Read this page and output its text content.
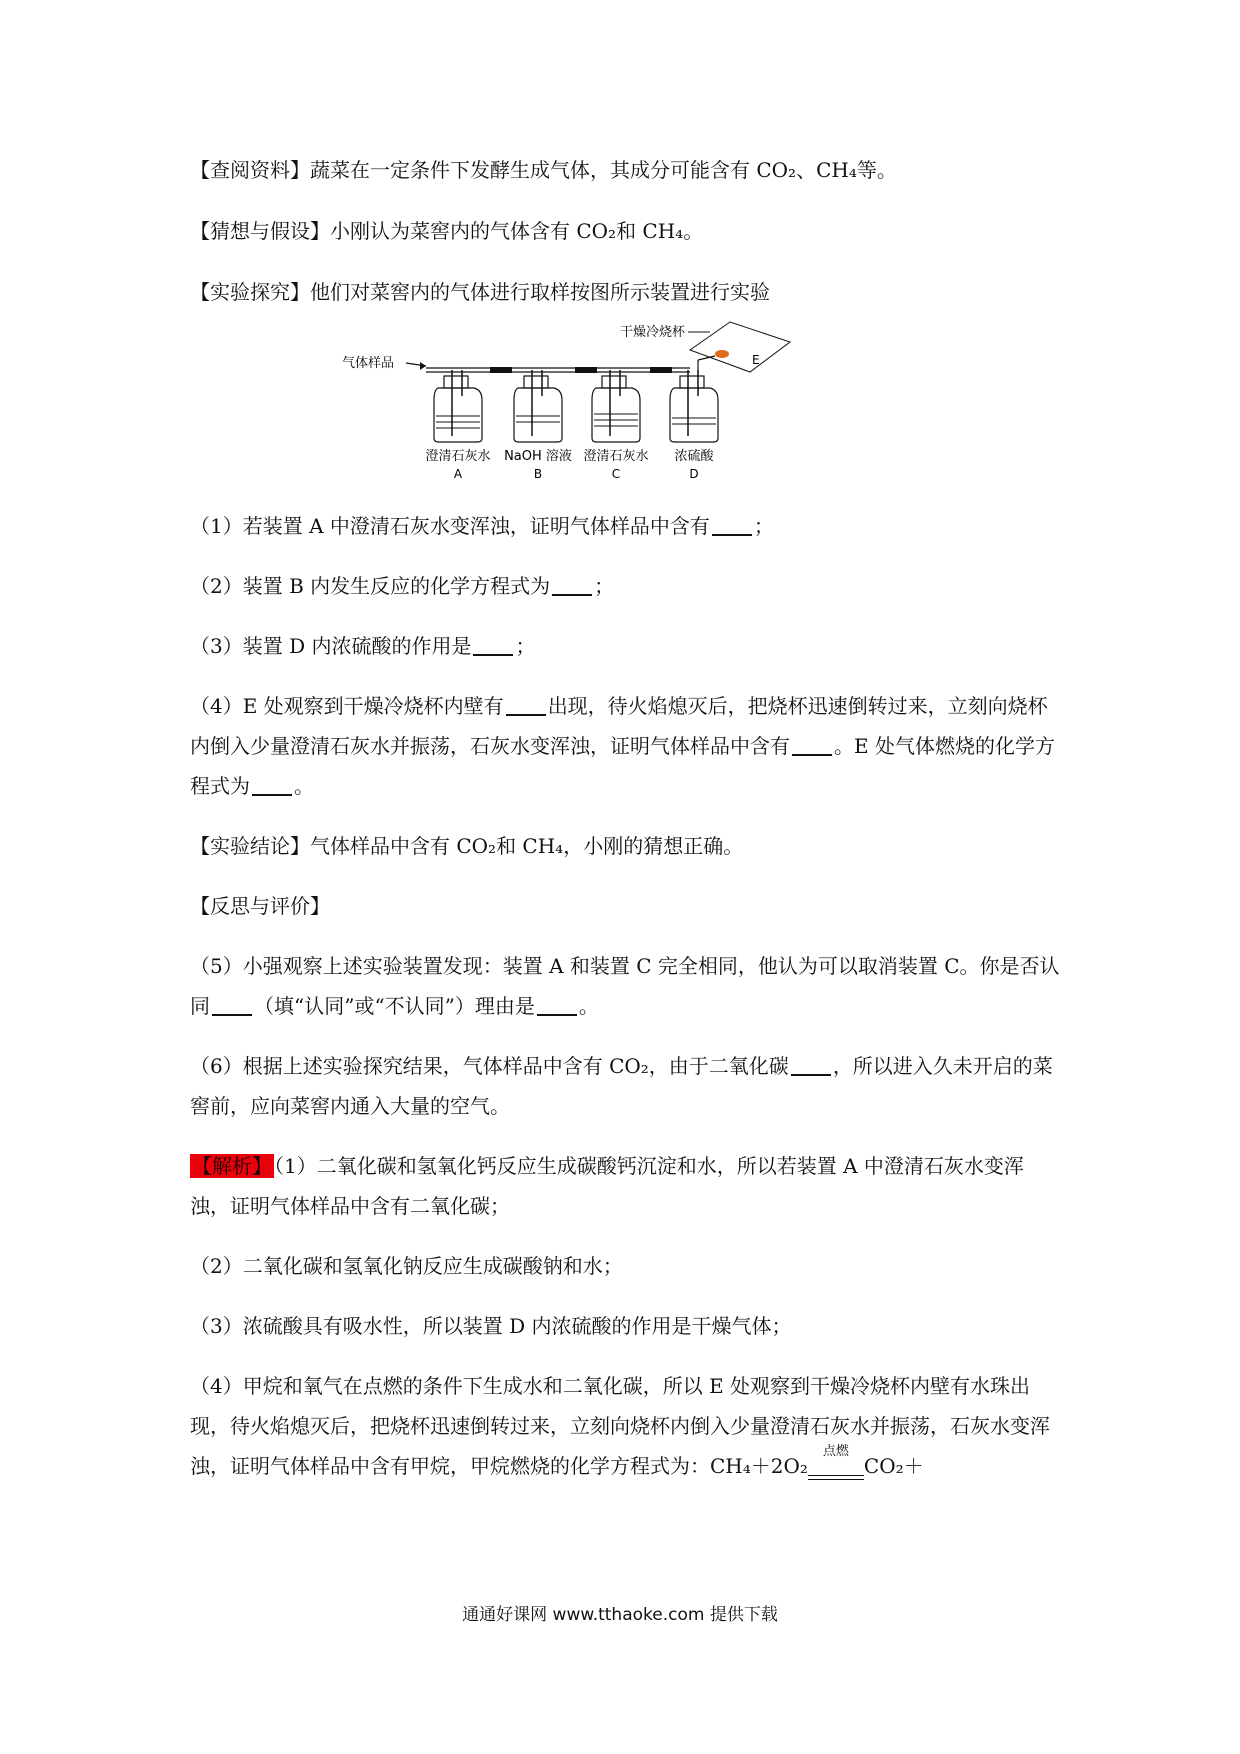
【查阅资料】蔬菜在一定条件下发酵生成气体，其成分可能含有 CO₂、CH₄等。

【猜想与假设】小刚认为菜窖内的气体含有 CO₂和 CH₄。

【实验探究】他们对菜窖内的气体进行取样按图所示装置进行实验

气体样品
干燥冷烧杯
E
澄清石灰水
A
NaOH 溶液
B
澄清石灰水
C
浓硫酸
D

（1）若装置 A 中澄清石灰水变浑浊，证明气体样品中含有 ；

（2）装置 B 内发生反应的化学方程式为 ；

（3）装置 D 内浓硫酸的作用是 ；

（4）E 处观察到干燥冷烧杯内壁有 出现，待火焰熄灭后，把烧杯迅速倒转过来，立刻向烧杯内倒入少量澄清石灰水并振荡，石灰水变浑浊，证明气体样品中含有 。E 处气体燃烧的化学方程式为 。

【实验结论】气体样品中含有 CO₂和 CH₄，小刚的猜想正确。

【反思与评价】

（5）小强观察上述实验装置发现：装置 A 和装置 C 完全相同，他认为可以取消装置 C。你是否认同 （填“认同”或“不认同”）理由是 。

（6）根据上述实验探究结果，气体样品中含有 CO₂，由于二氧化碳 ，所以进入久未开启的菜窖前，应向菜窖内通入大量的空气。

【解析】 （1）二氧化碳和氢氧化钙反应生成碳酸钙沉淀和水，所以若装置 A 中澄清石灰水变浑浊，证明气体样品中含有二氧化碳；

（2）二氧化碳和氢氧化钠反应生成碳酸钠和水；

（3）浓硫酸具有吸水性，所以装置 D 内浓硫酸的作用是干燥气体；

（4）甲烷和氧气在点燃的条件下生成水和二氧化碳，所以 E 处观察到干燥冷烧杯内壁有水珠出现，待火焰熄灭后，把烧杯迅速倒转过来，立刻向烧杯内倒入少量澄清石灰水并振荡，石灰水变浑浊，证明气体样品中含有甲烷，甲烷燃烧的化学方程式为：CH₄＋2O₂
点燃
CO₂＋

通通好课网 www.tthaoke.com 提供下载
